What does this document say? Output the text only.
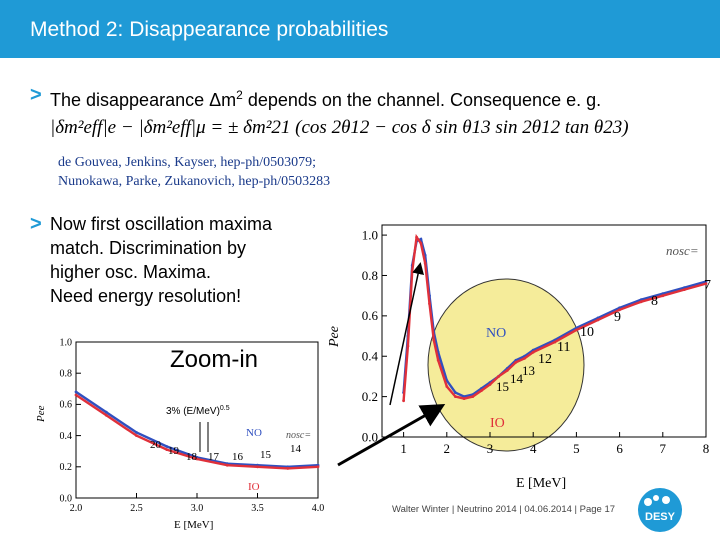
Method 2: Disappearance probabilities
> The disappearance $\Delta m^2$ depends on the channel. Consequence e. g.
|δm²eff|e − |δm²eff|μ = ± δm²21 (cos 2θ12 − cos δ sin θ13 sin 2θ12 tan θ23)
de Gouvea, Jenkins, Kayser, hep-ph/0503079;
Nunokawa, Parke, Zukanovich, hep-ph/0503283
> Now first oscillation maxima
match. Discrimination by
higher osc. Maxima.
Need energy resolution!
1	2	3	4	5	6	7	8
0.0
0.2
0.4
0.6
0.8
1.0
Pee
E [MeV]
nosc=
NO
IO
7
8
9
10
11
12
13
14
15
2.0	2.5	3.0	3.5	4.0
0.0
0.2
0.4
0.6
0.8
1.0
Pee
E [MeV]
nosc=
NO
IO
20 19 18 17 16 15 14
3% $(E/MeV)^{0.5}$
Zoom-in
Walter Winter | Neutrino 2014 | 04.06.2014 | Page 17
DESY
